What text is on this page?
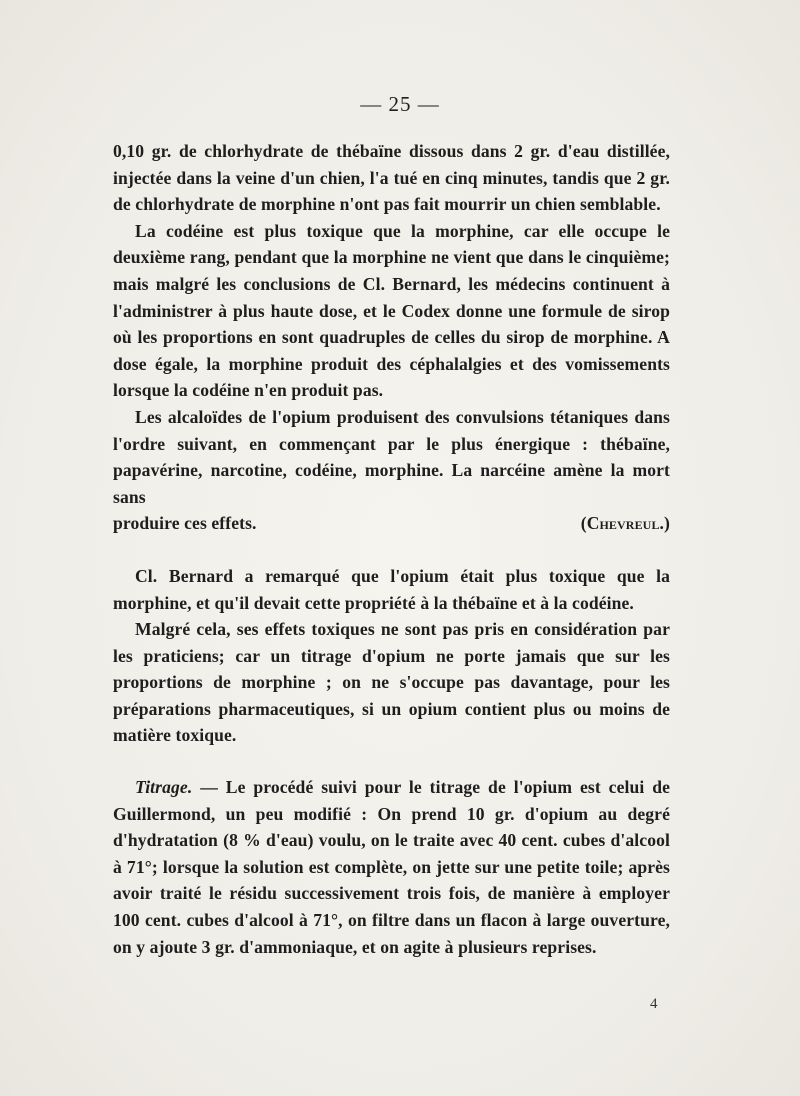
— 25 —

0,10 gr. de chlorhydrate de thébaïne dissous dans 2 gr. d'eau distillée, injectée dans la veine d'un chien, l'a tué en cinq minutes, tandis que 2 gr. de chlorhydrate de morphine n'ont pas fait mourrir un chien semblable.

La codéine est plus toxique que la morphine, car elle occupe le deuxième rang, pendant que la morphine ne vient que dans le cinquième; mais malgré les conclusions de Cl. Bernard, les médecins continuent à l'administrer à plus haute dose, et le Codex donne une formule de sirop où les proportions en sont quadruples de celles du sirop de morphine. A dose égale, la morphine produit des céphalalgies et des vomissements lorsque la codéine n'en produit pas.

Les alcaloïdes de l'opium produisent des convulsions tétaniques dans l'ordre suivant, en commençant par le plus énergique : thébaïne, papavérine, narcotine, codéine, morphine. La narcéine amène la mort sans

produire ces effets.	(Chevreul.)

Cl. Bernard a remarqué que l'opium était plus toxique que la morphine, et qu'il devait cette propriété à la thébaïne et à la codéine.

Malgré cela, ses effets toxiques ne sont pas pris en considération par les praticiens; car un titrage d'opium ne porte jamais que sur les proportions de morphine ; on ne s'occupe pas davantage, pour les préparations pharmaceutiques, si un opium contient plus ou moins de matière toxique.

Titrage. — Le procédé suivi pour le titrage de l'opium est celui de Guillermond, un peu modifié : On prend 10 gr. d'opium au degré d'hydratation (8 % d'eau) voulu, on le traite avec 40 cent. cubes d'alcool à 71°; lorsque la solution est complète, on jette sur une petite toile; après avoir traité le résidu successivement trois fois, de manière à employer 100 cent. cubes d'alcool à 71°, on filtre dans un flacon à large ouverture, on y ajoute 3 gr. d'ammoniaque, et on agite à plusieurs reprises.

4
